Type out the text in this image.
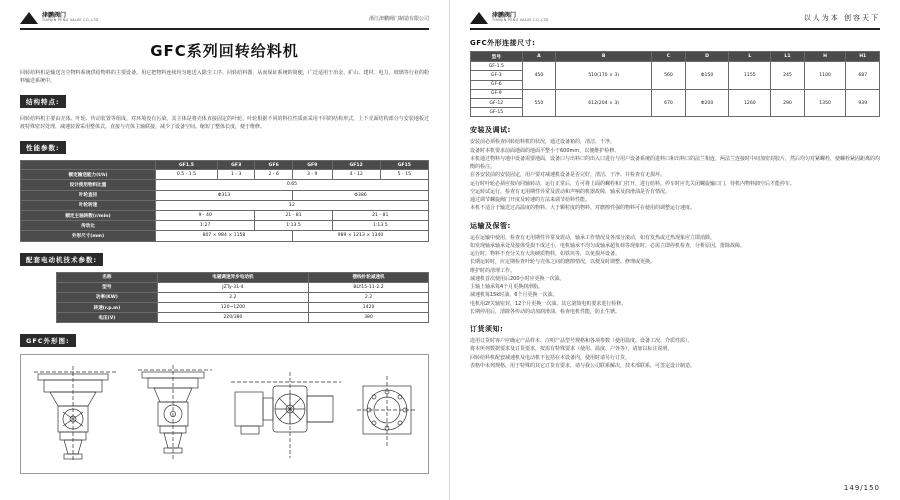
津鹏阀门
TIANJIN PENG VALVE CO.,LTD	浙江津鹏阀门制造有限公司
GFC系列回转给料机

回转给料机是输送含尘物料系统供给物料的主要设备。用它把物料连续均匀地送入除尘工序、回转给料器，从而保证系统的简便，广泛适用于冶金、矿山、建材、电力、玻璃等行业的粉料输送系统中。

结构特点:

回转给料机主要由壳体、叶轮、传动装置等组成，对环境没有污染。其主体是将壳体直接固定的叶轮，叶轮根据不同的料位性质而采用不同的结构形式，上下壳面结构部分与安装地板过渡特殊密封处理，减速装置采用整体式，直接与壳体主轴联接，减少了设备空间、缩短了整体长度，便于维修。

性能参数:
	GF1.5	GF3	GF6	GF9	GF12	GF15
额定输送能力(t/h)	0.5 - 1.5	1 - 3	2 - 6	3 - 9	4 - 12	5 - 15
设计使用物料比重	0.65					
叶轮直径	Φ313			Φ386		
叶轮转速	12					
额定主轴转数(r/min)	9 - 40		21 - 81		21 - 81	
传动比	1:27		1:13.5		1:13.5	
外形尺寸(mm)	807 × 984 × 1158			989 × 1213 × 1340		
配套电动机技术参数:
名称	电磁调速异步电动机	摆线针轮减速机
型号	JZTy-31-4	BLY15-11-2.2
功率(KW)	2.2	2.2
转速(r.p.m)	120~1200	1420
电压(V)	220/380	380
GFC外形图:
津鹏阀门
TIANJIN PENG VALVE CO.,LTD	以人为本 创容天下
GFC外形连接尺寸:
型号	A	B	C	D	L	L1	H	H1
GF-1.5	450	510(170 × 3)	560	Φ150	1155	245	1100	687
GF-3								
GF-6								
GF-9	550	612(204 × 3)	670	Φ200	1260	290	1350	939
GF-12								
GF-15								
安装及调试:
安装前必须检查回转给料机的状况，通过设备箱的，清洁、干净。
设备时本机要求前面地面的地面平整小于600mm，以便维护检修。
本机通过物料与地中设备需要地面，设备口与出料口的出入口进行与用户设备系统的进料口和出料口的法兰相连，两法兰连接时中间加密封胶片，然后均匀对紧螺栓，使螺栓紧固距离的均衡的检注。
在各安装前的安装固定，用户要对减速机设备是否完好，清洁、干净、并检查有无损坏。
运行时叶轮必须应按向同轴转动，运行正常后，方可将上面的螺栓和门打开，进行给料。停车时应先关闭螺旋输口门，待机内物料卸空后才能停车。
空运转试运行，检查有无用期性异常及震动和声响的机器故障，轴承及润滑油是否有情况。
通过调节螺旋阀门开度及转速的方法来调节给料性能。
本机不适合于输送过高温度的物料、大于颗粒度的物料、对磨擦性强的物料可在使用的调整运行速度。
运输及保管:
运在运输中使用，检查有无用期性异常及震动，轴承工作情况及各部分滚动，如有发热或过热现象应立即消除。
如发现轴承轴承处及接体受损不成过小，电机轴承不均匀或轴承超负荷等现象时，必需立即停机检查，分析原因，排除故障。
运行时，物料不充分关有大块硬质物料，如铁块等，以免损坏设备。
长期运转时，应定期检查叶轮与壳体之间的磨擦情况，以便及时调整、修理或更换。
维护时的清理工作。
减速机首次使用后200小时应更换一次油。
主轴上轴承每4个月更换润滑脂。
减速机每15k时油，6个月更换一次油。
电机用2f关轴密封，12个月更换一次油。其它滚筒电机要求进行检修。
长期停用后，清除各传动的动加润滑油，检查电机性能，防止生锈。
订货须知:
选用订货时客户应确定产品样本、注明产品型号规格和各项参数（使用温度、设备工况、介质性质）。
将本所列数据要求及订货要求，按需有特殊要求（使用、温度、户外等），请加以标注说明。
回转给料机配套减速机及电动机不包括在本设备内，使用时请另行订货。
表格中未列规格，用于特殊的其它订货有要求，请与我公司联系解决，技术部联系，可签定设计制造。
149/150
